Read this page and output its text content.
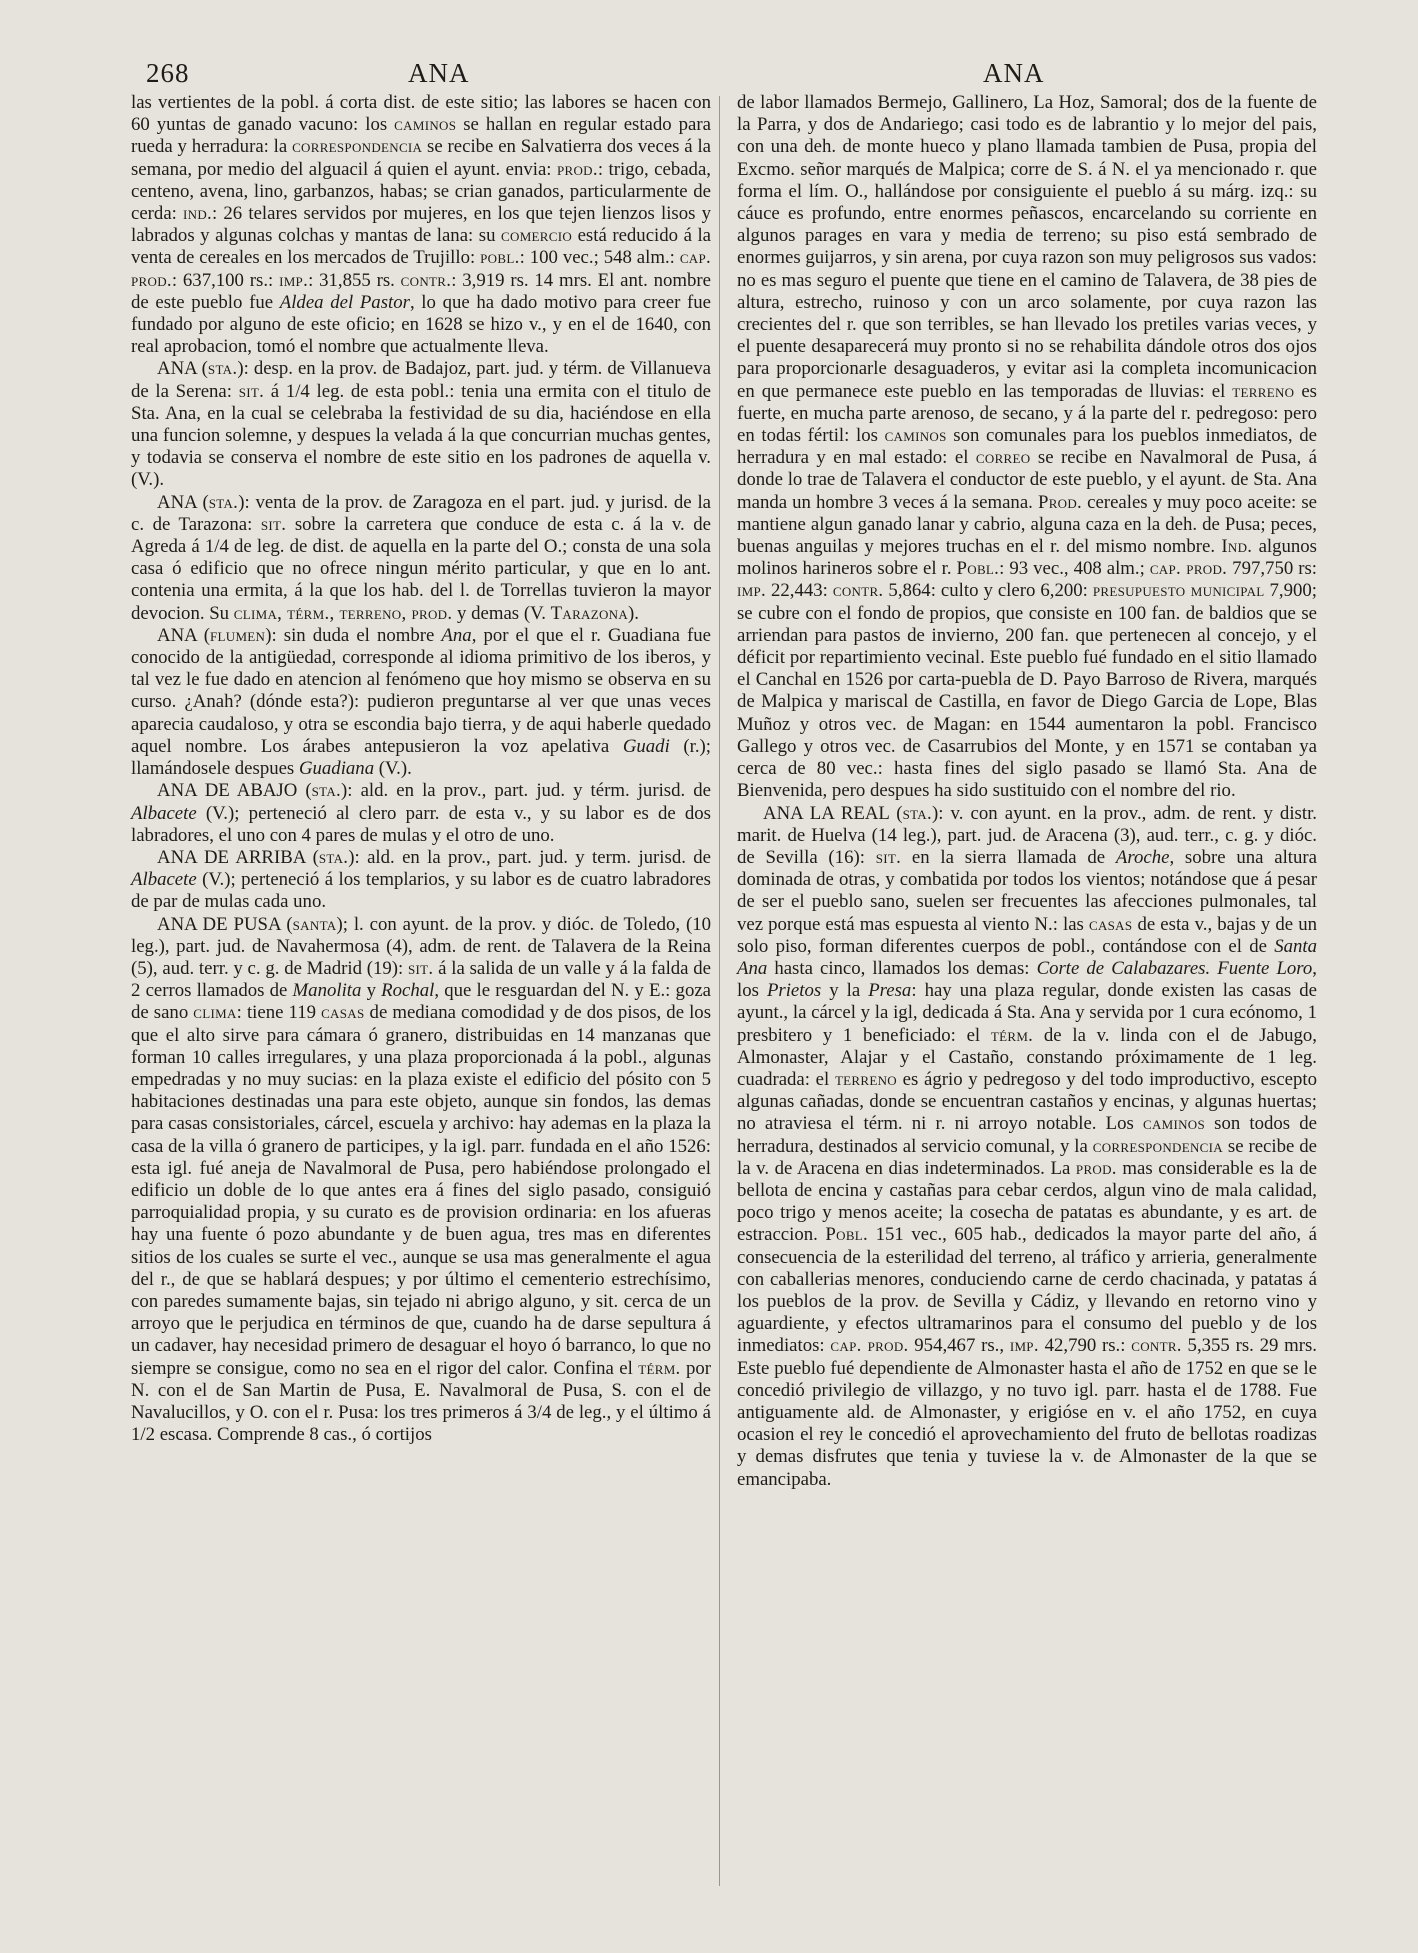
268	ANA	ANA

las vertientes de la pobl. á corta dist. de este sitio; las labores se hacen con 60 yuntas de ganado vacuno: los caminos se hallan en regular estado para rueda y herradura: la correspondencia se recibe en Salvatierra dos veces á la semana, por medio del alguacil á quien el ayunt. envia: prod.: trigo, cebada, centeno, avena, lino, garbanzos, habas; se crian ganados, particularmente de cerda: ind.: 26 telares servidos por mujeres, en los que tejen lienzos lisos y labrados y algunas colchas y mantas de lana: su comercio está reducido á la venta de cereales en los mercados de Trujillo: pobl.: 100 vec.; 548 alm.: cap. prod.: 637,100 rs.: imp.: 31,855 rs. contr.: 3,919 rs. 14 mrs. El ant. nombre de este pueblo fue Aldea del Pastor, lo que ha dado motivo para creer fue fundado por alguno de este oficio; en 1628 se hizo v., y en el de 1640, con real aprobacion, tomó el nombre que actualmente lleva.

ANA (sta.): desp. en la prov. de Badajoz, part. jud. y térm. de Villanueva de la Serena: sit. á 1/4 leg. de esta pobl.: tenia una ermita con el titulo de Sta. Ana, en la cual se celebraba la festividad de su dia, haciéndose en ella una funcion solemne, y despues la velada á la que concurrian muchas gentes, y todavia se conserva el nombre de este sitio en los padrones de aquella v. (V.).

ANA (sta.): venta de la prov. de Zaragoza en el part. jud. y jurisd. de la c. de Tarazona: sit. sobre la carretera que conduce de esta c. á la v. de Agreda á 1/4 de leg. de dist. de aquella en la parte del O.; consta de una sola casa ó edificio que no ofrece ningun mérito particular, y que en lo ant. contenia una ermita, á la que los hab. del l. de Torrellas tuvieron la mayor devocion. Su clima, térm., terreno, prod. y demas (V. Tarazona).

ANA (flumen): sin duda el nombre Ana, por el que el r. Guadiana fue conocido de la antigüedad, corresponde al idioma primitivo de los iberos, y tal vez le fue dado en atencion al fenómeno que hoy mismo se observa en su curso. ¿Anah? (dónde esta?): pudieron preguntarse al ver que unas veces aparecia caudaloso, y otra se escondia bajo tierra, y de aqui haberle quedado aquel nombre. Los árabes antepusieron la voz apelativa Guadi (r.); llamándosele despues Guadiana (V.).

ANA DE ABAJO (sta.): ald. en la prov., part. jud. y térm. jurisd. de Albacete (V.); perteneció al clero parr. de esta v., y su labor es de dos labradores, el uno con 4 pares de mulas y el otro de uno.

ANA DE ARRIBA (sta.): ald. en la prov., part. jud. y term. jurisd. de Albacete (V.); perteneció á los templarios, y su labor es de cuatro labradores de par de mulas cada uno.

ANA DE PUSA (santa); l. con ayunt. de la prov. y dióc. de Toledo, (10 leg.), part. jud. de Navahermosa (4), adm. de rent. de Talavera de la Reina (5), aud. terr. y c. g. de Madrid (19): sit. á la salida de un valle y á la falda de 2 cerros llamados de Manolita y Rochal, que le resguardan del N. y E.: goza de sano clima: tiene 119 casas de mediana comodidad y de dos pisos, de los que el alto sirve para cámara ó granero, distribuidas en 14 manzanas que forman 10 calles irregulares, y una plaza proporcionada á la pobl., algunas empedradas y no muy sucias: en la plaza existe el edificio del pósito con 5 habitaciones destinadas una para este objeto, aunque sin fondos, las demas para casas consistoriales, cárcel, escuela y archivo: hay ademas en la plaza la casa de la villa ó granero de participes, y la igl. parr. fundada en el año 1526: esta igl. fué aneja de Navalmoral de Pusa, pero habiéndose prolongado el edificio un doble de lo que antes era á fines del siglo pasado, consiguió parroquialidad propia, y su curato es de provision ordinaria: en los afueras hay una fuente ó pozo abundante y de buen agua, tres mas en diferentes sitios de los cuales se surte el vec., aunque se usa mas generalmente el agua del r., de que se hablará despues; y por último el cementerio estrechísimo, con paredes sumamente bajas, sin tejado ni abrigo alguno, y sit. cerca de un arroyo que le perjudica en términos de que, cuando ha de darse sepultura á un cadaver, hay necesidad primero de desaguar el hoyo ó barranco, lo que no siempre se consigue, como no sea en el rigor del calor. Confina el térm. por N. con el de San Martin de Pusa, E. Navalmoral de Pusa, S. con el de Navalucillos, y O. con el r. Pusa: los tres primeros á 3/4 de leg., y el último á 1/2 escasa. Comprende 8 cas., ó cortijos

de labor llamados Bermejo, Gallinero, La Hoz, Samoral; dos de la fuente de la Parra, y dos de Andariego; casi todo es de labrantio y lo mejor del pais, con una deh. de monte hueco y plano llamada tambien de Pusa, propia del Excmo. señor marqués de Malpica; corre de S. á N. el ya mencionado r. que forma el lím. O., hallándose por consiguiente el pueblo á su márg. izq.: su cáuce es profundo, entre enormes peñascos, encarcelando su corriente en algunos parages en vara y media de terreno; su piso está sembrado de enormes guijarros, y sin arena, por cuya razon son muy peligrosos sus vados: no es mas seguro el puente que tiene en el camino de Talavera, de 38 pies de altura, estrecho, ruinoso y con un arco solamente, por cuya razon las crecientes del r. que son terribles, se han llevado los pretiles varias veces, y el puente desaparecerá muy pronto si no se rehabilita dándole otros dos ojos para proporcionarle desaguaderos, y evitar asi la completa incomunicacion en que permanece este pueblo en las temporadas de lluvias: el terreno es fuerte, en mucha parte arenoso, de secano, y á la parte del r. pedregoso: pero en todas fértil: los caminos son comunales para los pueblos inmediatos, de herradura y en mal estado: el correo se recibe en Navalmoral de Pusa, á donde lo trae de Talavera el conductor de este pueblo, y el ayunt. de Sta. Ana manda un hombre 3 veces á la semana. Prod. cereales y muy poco aceite: se mantiene algun ganado lanar y cabrio, alguna caza en la deh. de Pusa; peces, buenas anguilas y mejores truchas en el r. del mismo nombre. Ind. algunos molinos harineros sobre el r. Pobl.: 93 vec., 408 alm.; cap. prod. 797,750 rs: imp. 22,443: contr. 5,864: culto y clero 6,200: presupuesto municipal 7,900; se cubre con el fondo de propios, que consiste en 100 fan. de baldios que se arriendan para pastos de invierno, 200 fan. que pertenecen al concejo, y el déficit por repartimiento vecinal. Este pueblo fué fundado en el sitio llamado el Canchal en 1526 por carta-puebla de D. Payo Barroso de Rivera, marqués de Malpica y mariscal de Castilla, en favor de Diego Garcia de Lope, Blas Muñoz y otros vec. de Magan: en 1544 aumentaron la pobl. Francisco Gallego y otros vec. de Casarrubios del Monte, y en 1571 se contaban ya cerca de 80 vec.: hasta fines del siglo pasado se llamó Sta. Ana de Bienvenida, pero despues ha sido sustituido con el nombre del rio.

ANA LA REAL (sta.): v. con ayunt. en la prov., adm. de rent. y distr. marit. de Huelva (14 leg.), part. jud. de Aracena (3), aud. terr., c. g. y dióc. de Sevilla (16): sit. en la sierra llamada de Aroche, sobre una altura dominada de otras, y combatida por todos los vientos; notándose que á pesar de ser el pueblo sano, suelen ser frecuentes las afecciones pulmonales, tal vez porque está mas espuesta al viento N.: las casas de esta v., bajas y de un solo piso, forman diferentes cuerpos de pobl., contándose con el de Santa Ana hasta cinco, llamados los demas: Corte de Calabazares. Fuente Loro, los Prietos y la Presa: hay una plaza regular, donde existen las casas de ayunt., la cárcel y la igl, dedicada á Sta. Ana y servida por 1 cura ecónomo, 1 presbitero y 1 beneficiado: el térm. de la v. linda con el de Jabugo, Almonaster, Alajar y el Castaño, constando próximamente de 1 leg. cuadrada: el terreno es ágrio y pedregoso y del todo improductivo, escepto algunas cañadas, donde se encuentran castaños y encinas, y algunas huertas; no atraviesa el térm. ni r. ni arroyo notable. Los caminos son todos de herradura, destinados al servicio comunal, y la correspondencia se recibe de la v. de Aracena en dias indeterminados. La prod. mas considerable es la de bellota de encina y castañas para cebar cerdos, algun vino de mala calidad, poco trigo y menos aceite; la cosecha de patatas es abundante, y es art. de estraccion. Pobl. 151 vec., 605 hab., dedicados la mayor parte del año, á consecuencia de la esterilidad del terreno, al tráfico y arrieria, generalmente con caballerias menores, conduciendo carne de cerdo chacinada, y patatas á los pueblos de la prov. de Sevilla y Cádiz, y llevando en retorno vino y aguardiente, y efectos ultramarinos para el consumo del pueblo y de los inmediatos: cap. prod. 954,467 rs., imp. 42,790 rs.: contr. 5,355 rs. 29 mrs. Este pueblo fué dependiente de Almonaster hasta el año de 1752 en que se le concedió privilegio de villazgo, y no tuvo igl. parr. hasta el de 1788. Fue antiguamente ald. de Almonaster, y erigióse en v. el año 1752, en cuya ocasion el rey le concedió el aprovechamiento del fruto de bellotas roadizas y demas disfrutes que tenia y tuviese la v. de Almonaster de la que se emancipaba.
